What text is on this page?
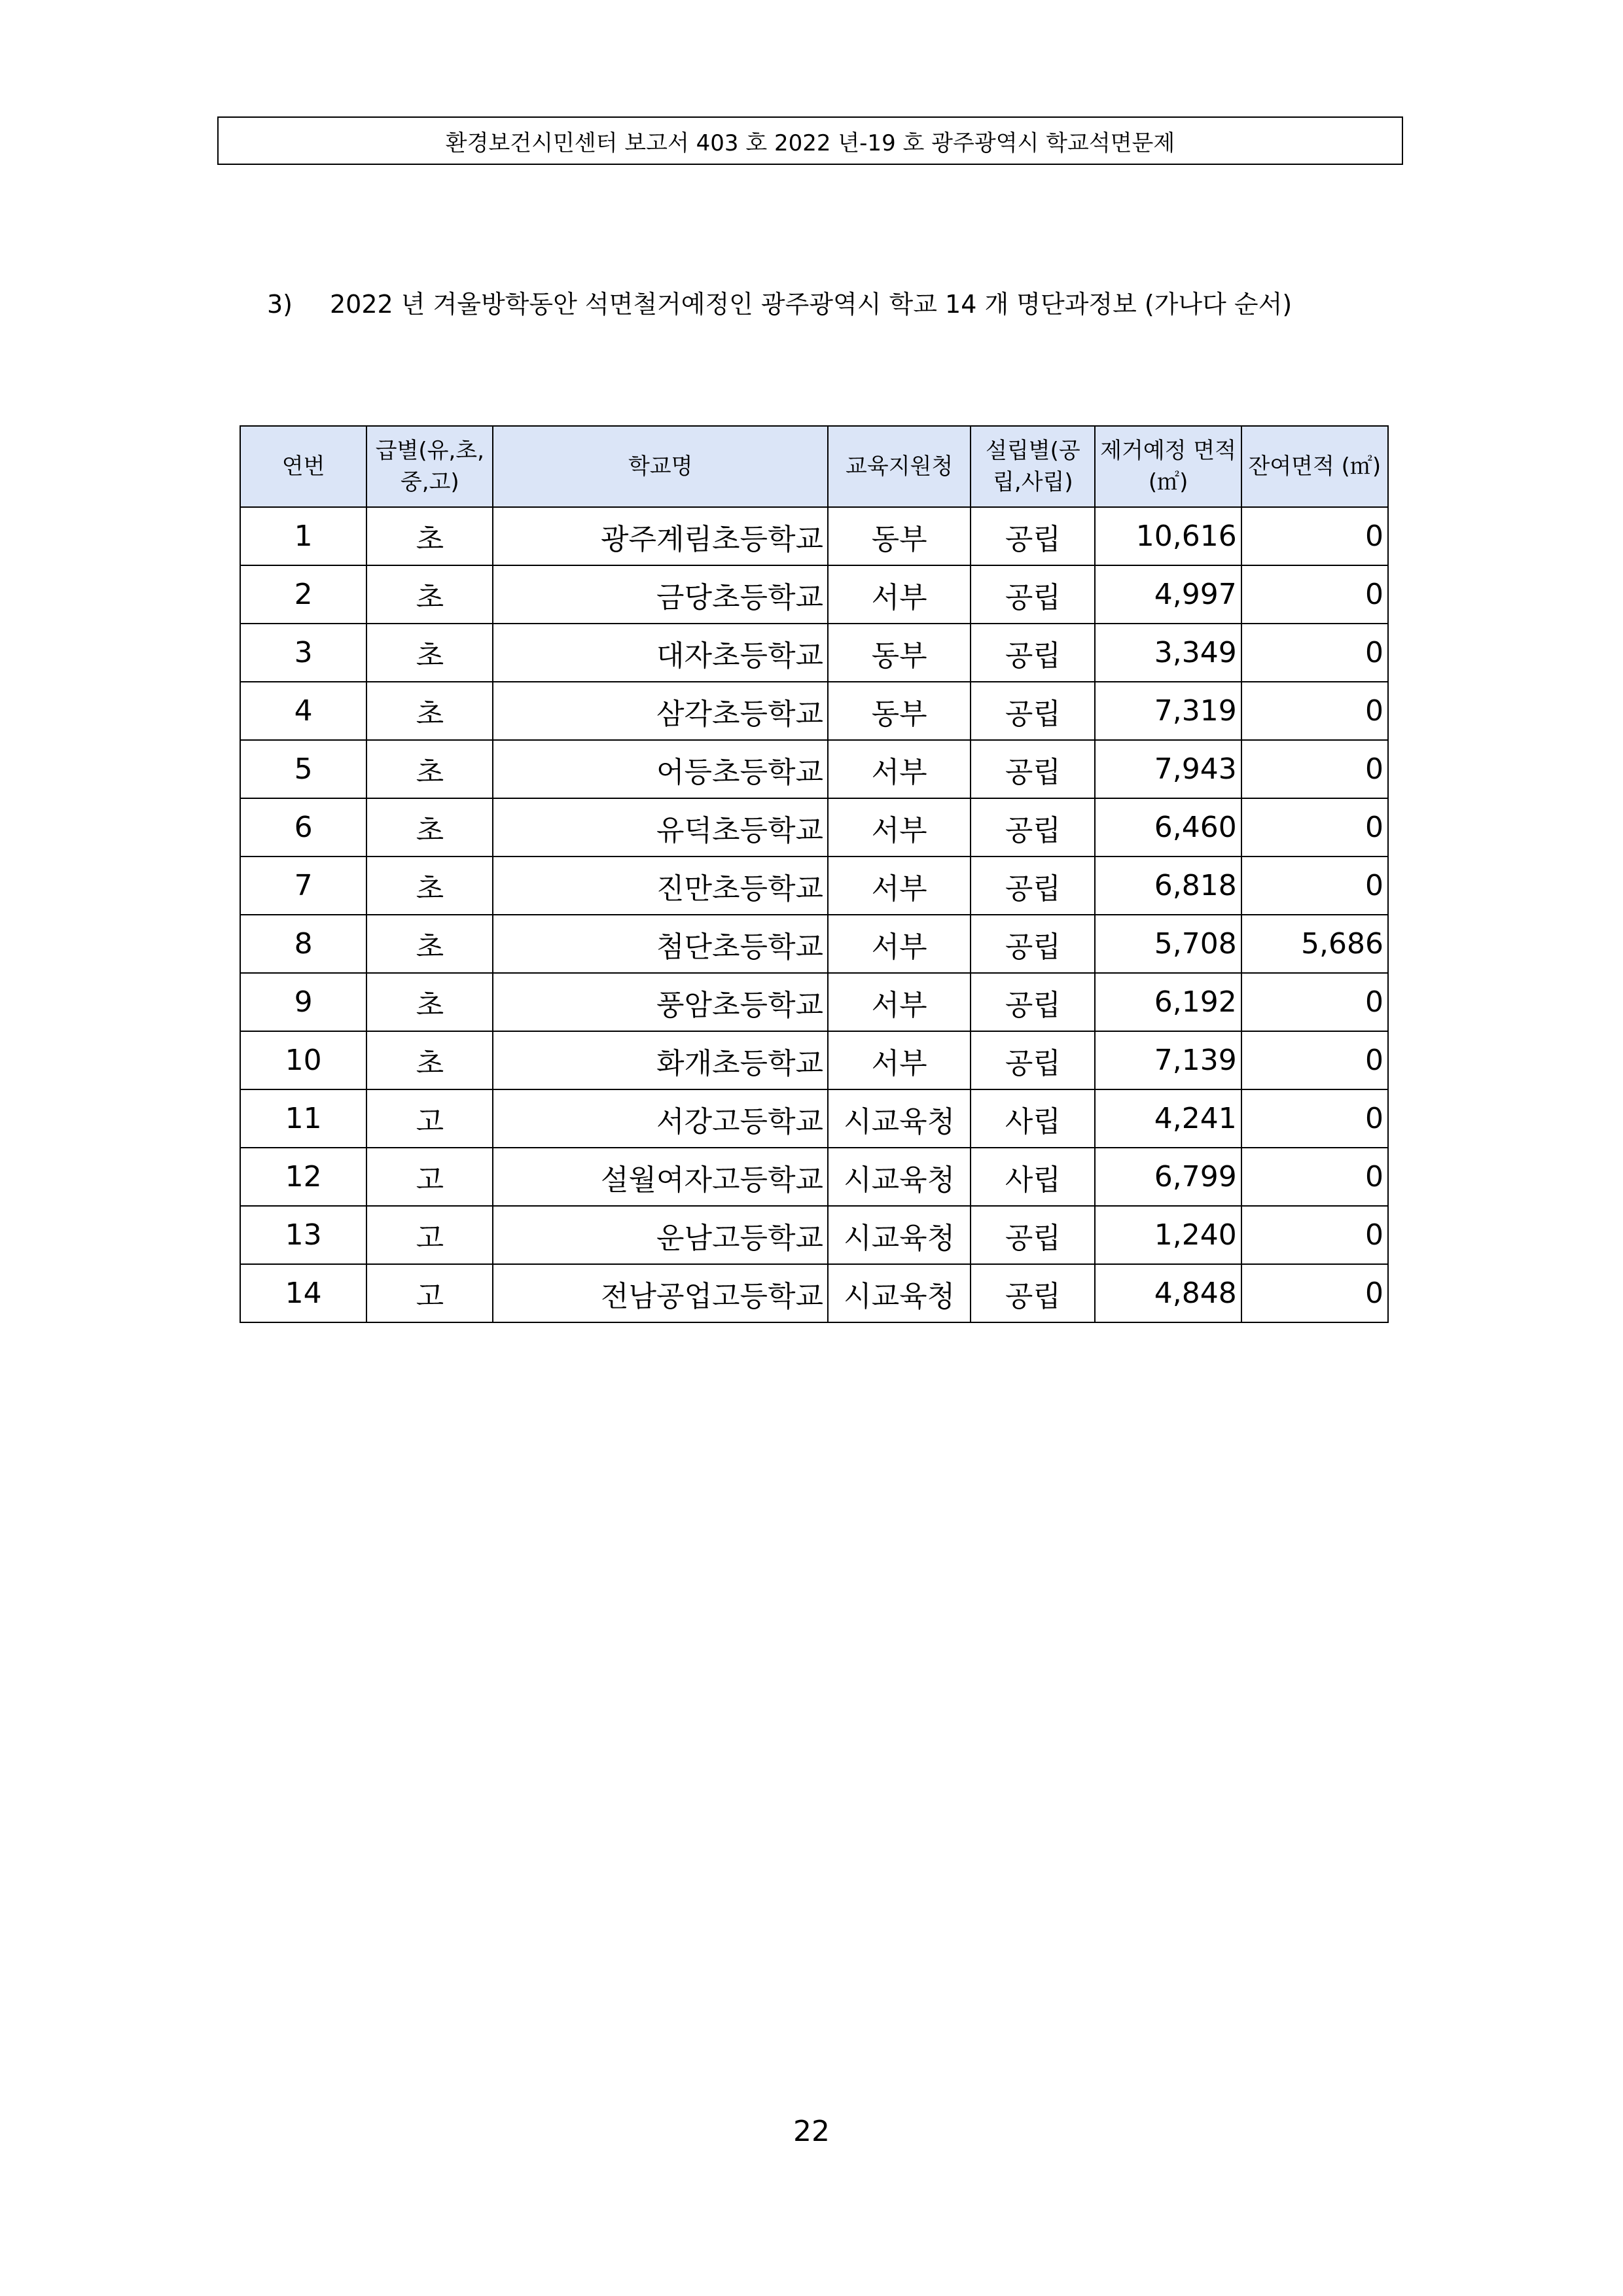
환경보건시민센터 보고서 403 호 2022 년-19 호 광주광역시 학교석면문제
3)	2022 년 겨울방학동안 석면철거예정인 광주광역시 학교 14 개 명단과정보 (가나다 순서)
연번	급별(유,초,중,고)	학교명	교육지원청	설립별(공립,사립)	제거예정 면적(㎡)	잔여면적 (㎡)
1	초	광주계림초등학교	동부	공립	10,616	0
2	초	금당초등학교	서부	공립	4,997	0
3	초	대자초등학교	동부	공립	3,349	0
4	초	삼각초등학교	동부	공립	7,319	0
5	초	어등초등학교	서부	공립	7,943	0
6	초	유덕초등학교	서부	공립	6,460	0
7	초	진만초등학교	서부	공립	6,818	0
8	초	첨단초등학교	서부	공립	5,708	5,686
9	초	풍암초등학교	서부	공립	6,192	0
10	초	화개초등학교	서부	공립	7,139	0
11	고	서강고등학교	시교육청	사립	4,241	0
12	고	설월여자고등학교	시교육청	사립	6,799	0
13	고	운남고등학교	시교육청	공립	1,240	0
14	고	전남공업고등학교	시교육청	공립	4,848	0
22
